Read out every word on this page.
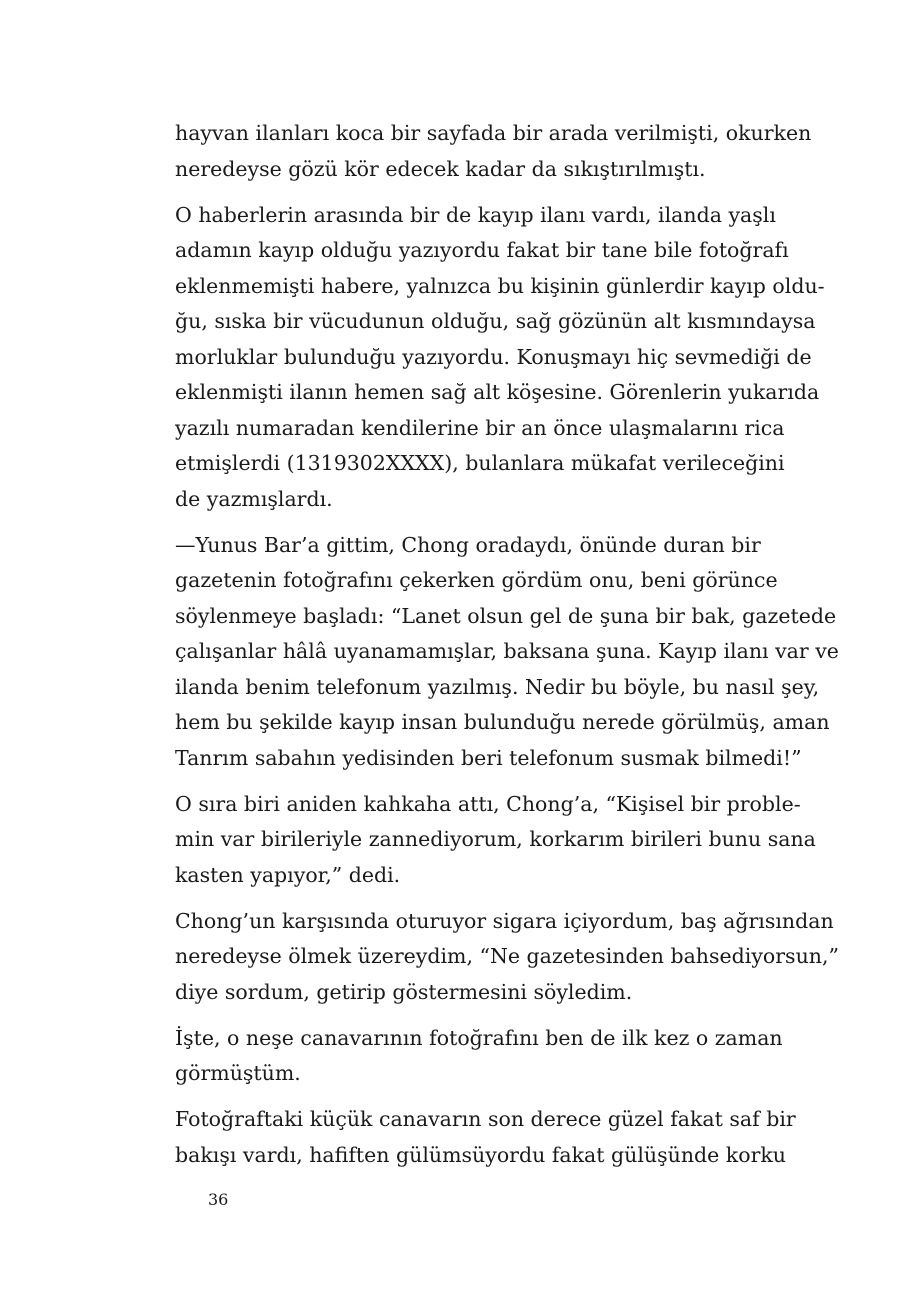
hayvan ilanları koca bir sayfada bir arada verilmişti, okurken
neredeyse gözü kör edecek kadar da sıkıştırılmıştı.
O haberlerin arasında bir de kayıp ilanı vardı, ilanda yaşlı
adamın kayıp olduğu yazıyordu fakat bir tane bile fotoğrafı
eklenmemişti habere, yalnızca bu kişinin günlerdir kayıp oldu-
ğu, sıska bir vücudunun olduğu, sağ gözünün alt kısmındaysa
morluklar bulunduğu yazıyordu. Konuşmayı hiç sevmediği de
eklenmişti ilanın hemen sağ alt köşesine. Görenlerin yukarıda
yazılı numaradan kendilerine bir an önce ulaşmalarını rica
etmişlerdi (1319302XXXX), bulanlara mükafat verileceğini
de yazmışlardı.
—Yunus Bar’a gittim, Chong oradaydı, önünde duran bir
gazetenin fotoğrafını çekerken gördüm onu, beni görünce
söylenmeye başladı: “Lanet olsun gel de şuna bir bak, gazetede
çalışanlar hâlâ uyanamamışlar, baksana şuna. Kayıp ilanı var ve
ilanda benim telefonum yazılmış. Nedir bu böyle, bu nasıl şey,
hem bu şekilde kayıp insan bulunduğu nerede görülmüş, aman
Tanrım sabahın yedisinden beri telefonum susmak bilmedi!”
O sıra biri aniden kahkaha attı, Chong’a, “Kişisel bir proble-
min var birileriyle zannediyorum, korkarım birileri bunu sana
kasten yapıyor,” dedi.
Chong’un karşısında oturuyor sigara içiyordum, baş ağrısından
neredeyse ölmek üzereydim, “Ne gazetesinden bahsediyorsun,”
diye sordum, getirip göstermesini söyledim.
İşte, o neşe canavarının fotoğrafını ben de ilk kez o zaman
görmüştüm.
Fotoğraftaki küçük canavarın son derece güzel fakat saf bir
bakışı vardı, hafiften gülümsüyordu fakat gülüşünde korku
36
